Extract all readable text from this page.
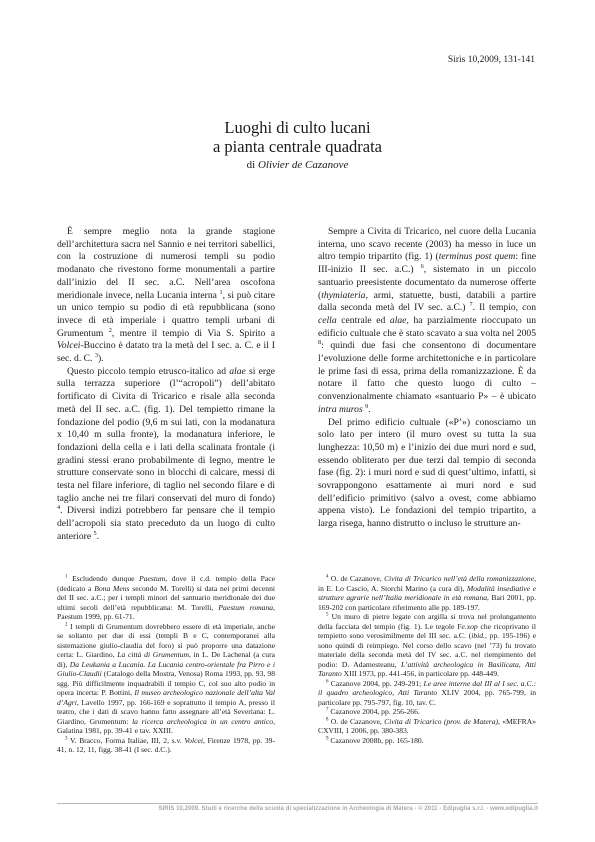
Siris 10,2009, 131-141
Luoghi di culto lucani
a pianta centrale quadrata
di Olivier de Cazanove

È sempre meglio nota la grande stagione dell’architettura sacra nel Sannio e nei territori sabellici, con la costruzione di numerosi templi su podio modanato che rivestono forme monumentali a partire dall’inizio del II sec. a.C. Nell’area oscofona meridionale invece, nella Lucania interna $^1$, si può citare un unico tempio su podio di età repubblicana (sono invece di età imperiale i quattro templi urbani di Grumentum $^2$, mentre il tempio di Via S. Spirito a Volcei-Buccino è datato tra la metà del I sec. a. C. e il I sec. d. C. $^3$).

Questo piccolo tempio etrusco-italico ad alae si erge sulla terrazza superiore (l’“acropoli”) dell’abitato fortificato di Civita di Tricarico e risale alla seconda metà del II sec. a.C. (fig. 1). Del tempietto rimane la fondazione del podio (9,6 m sui lati, con la modanatura x 10,40 m sulla fronte), la modanatura inferiore, le fondazioni della cella e i lati della scalinata frontale (i gradini stessi erano probabilmente di legno, mentre le strutture conservate sono in blocchi di calcare, messi di testa nel filare inferiore, di taglio nel secondo filare e di taglio anche nei tre filari conservati del muro di fondo) $^4$. Diversi indizi potrebbero far pensare che il tempio dell’acropoli sia stato preceduto da un luogo di culto anteriore $^5$.

Sempre a Civita di Tricarico, nel cuore della Lucania interna, uno scavo recente (2003) ha messo in luce un altro tempio tripartito (fig. 1) (terminus post quem: fine III-inizio II sec. a.C.) $^6$, sistemato in un piccolo santuario preesistente documentato da numerose offerte (thymiateria, armi, statuette, busti, databili a partire dalla seconda metà del IV sec. a.C.) $^7$. Il tempio, con cella centrale ed alae, ha parzialmente rioccupato un edificio cultuale che è stato scavato a sua volta nel 2005 $^8$: quindi due fasi che consentono di documentare l’evoluzione delle forme architettoniche e in particolare le prime fasi di essa, prima della romanizzazione. È da notare il fatto che questo luogo di culto – convenzionalmente chiamato «santuario P» – è ubicato intra muros $^9$.

Del primo edificio cultuale («P’») conosciamo un solo lato per intero (il muro ovest su tutta la sua lunghezza: 10,50 m) e l’inizio dei due muri nord e sud, essendo obliterato per due terzi dal tempio di seconda fase (fig. 2): i muri nord e sud di quest’ultimo, infatti, si sovrappongono esattamente ai muri nord e sud dell’edificio primitivo (salvo a ovest, come abbiamo appena visto). Le fondazioni del tempio tripartito, a larga risega, hanno distrutto o incluso le strutture an-

$^1$ Escludendo dunque Paestum, dove il c.d. tempio della Pace (dedicato a Bona Mens secondo M. Torelli) si data nei primi decenni del II sec. a.C.; per i templi minori del santuario meridionale dei due ultimi secoli dell’età repubblicana: M. Torelli, Paestum romana, Paestum 1999, pp. 61-71.

$^2$ I templi di Grumentum dovrebbero essere di età imperiale, anche se soltanto per due di essi (templi B e C, contemporanei alla sistemazione giulio-claudia del foro) si può proporre una datazione certa: L. Giardino, La città di Grumentum, in L. De Lachenal (a cura di), Da Leukania a Lucania. La Lucania centro-orientale fra Pirro e i Giulio-Claudii (Catalogo della Mostra, Venosa) Roma 1993, pp. 93, 98 sgg. Più difficilmente inquadrabili il tempio C, col suo alto podio in opera incerta: P. Bottini, Il museo archeologico nazionale dell’alta Val d’Agri, Lavello 1997, pp. 166-169 e soprattutto il tempio A, presso il teatro, che i dati di scavo hanno fatto assegnare all’età Severiana: L. Giardino, Grumentum: la ricerca archeologica in un centro antico, Galatina 1981, pp. 39-41 e tav. XXIII.

$^3$ V. Bracco, Forma Italiae, III, 2, s.v. Volcei, Firenze 1978, pp. 39-41, n. 12, 11, figg. 38-41 (I sec. d.C.).

$^4$ O. de Cazanove, Civita di Tricarico nell’età della romanizzazione, in E. Lo Cascio, A. Storchi Marino (a cura di), Modalità insediative e strutture agrarie nell’Italia meridionale in età romana, Bari 2001, pp. 169-202 con particolare riferimento alle pp. 189-197.

$^5$ Un muro di pietre legate con argilla si trova nel prolungamento della facciata del tempio (fig. 1). Le tegole Fe.xop che ricoprivano il tempietto sono verosimilmente del III sec. a.C. (ibid., pp. 195-196) e sono quindi di reimpiego. Nel corso dello scavo (nel ’73) fu trovato materiale della seconda metà del IV sec. a.C. nel riempimento del podio: D. Adamesteanu, L’attività archeologica in Basilicata, Atti Taranto XIII 1973, pp. 441-456, in particolare pp. 448-449.

$^6$ Cazanove 2004, pp. 249-291; Le aree interne dal III al I sec. a.C.: il quadro archeologico, Atti Taranto XLIV 2004, pp. 765-799, in particolare pp. 795-797, fig. 10, tav. C.

$^7$ Cazanove 2004, pp. 256-266.

$^8$ O. de Cazanove, Civita di Tricarico (prov. de Matera), «MEFRA» CXVIII, 1 2006, pp. 380-383.

$^9$ Cazanove 2008b, pp. 165-180.

SIRIS 10,2009. Studi e ricerche della scuola di specializzazione in Archeologia di Matera - © 2011 - Edipuglia s.r.l. - www.edipuglia.it
